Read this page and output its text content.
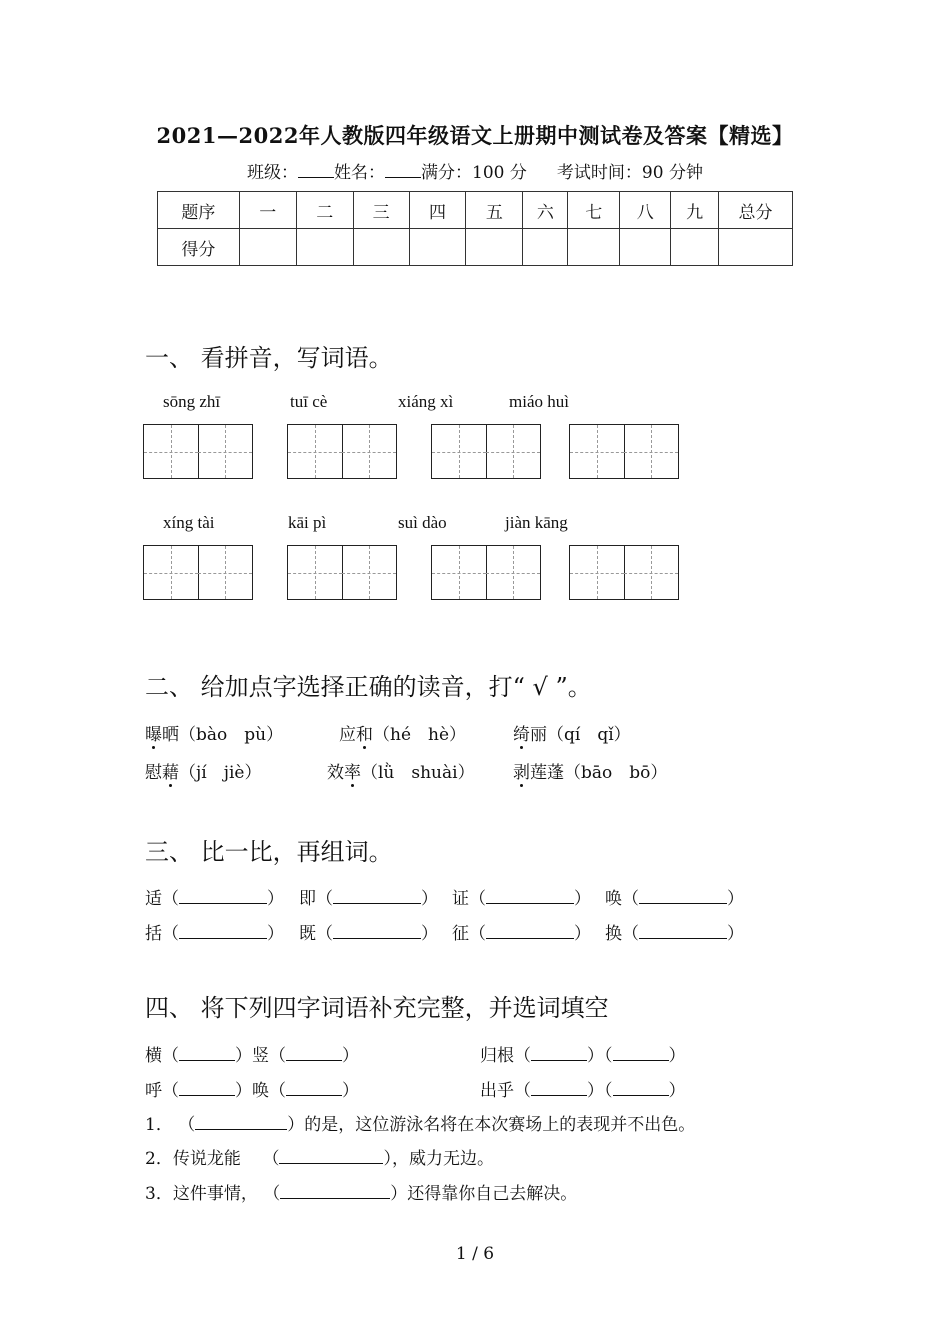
2021—2022年人教版四年级语文上册期中测试卷及答案【精选】
班级： 姓名： 满分：100 分 考试时间：90 分钟
题序	一	二	三	四	五	六	七	八	九	总分
得分										
一、 看拼音，写词语。
sōng zhī	tuī cè	xiáng xì	miáo huì
xíng tài	kāi pì	suì dào	jiàn kāng
二、 给加点字选择正确的读音，打“ √ ”。
曝晒（bào　pù）	应和（hé　hè）	绮丽（qí　qǐ）
慰藉（jí　jiè）	效率（lǜ　shuài） 剥莲蓬（bāo　bō）
三、 比一比，再组词。
适（	） 即（	） 证（	） 唤（	）
括（	） 既（	） 征（	） 换（	）
四、 将下列四字词语补充完整，并选词填空
横（	）竖（	）	归根（	）（	）
呼（	）唤（	）	出乎（	）（	）
1． （	）的是，这位游泳名将在本次赛场上的表现并不出色。
2．传说龙能    （	），威力无边。
3．这件事情， （	）还得靠你自己去解决。
1 / 6
